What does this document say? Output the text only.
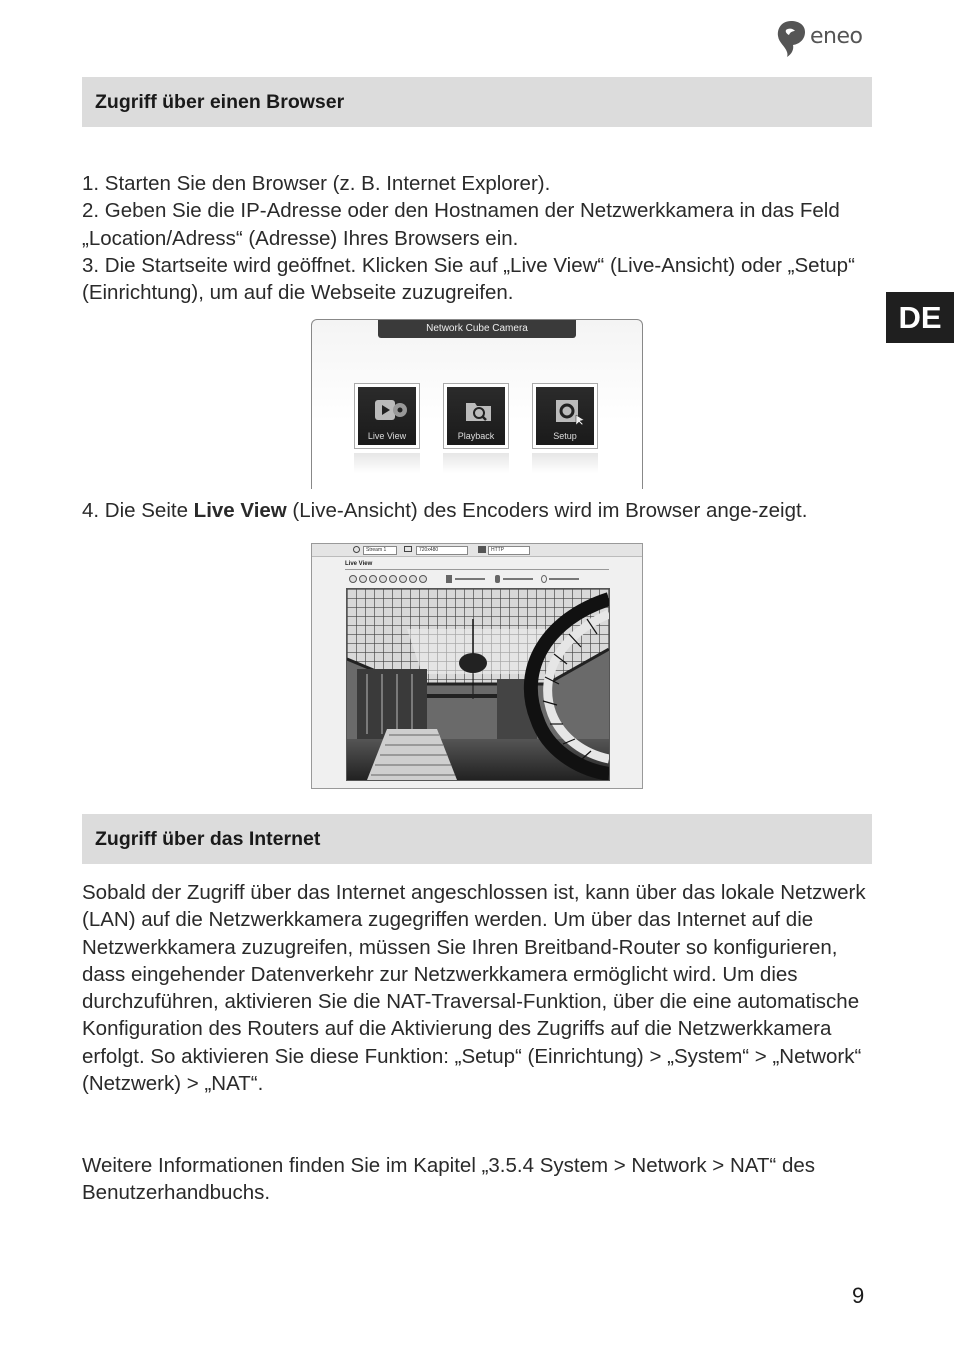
eneo
DE
Zugriff über einen Browser

1. Starten Sie den Browser (z. B. Internet Explorer).

2. Geben Sie die IP-Adresse oder den Hostnamen der Netzwerkkamera in das Feld „Location/Adress“ (Adresse) Ihres Browsers ein.

3. Die Startseite wird geöffnet. Klicken Sie auf „Live View“ (Live-Ansicht) oder „Setup“ (Einrichtung), um auf die Webseite zuzugreifen.

Network Cube Camera
Live View	Playback	Setup

4. Die Seite Live View (Live-Ansicht) des Encoders wird im Browser ange-zeigt.

Stream 1	720x480	HTTP
Live View
Zugriff über das Internet

Sobald der Zugriff über das Internet angeschlossen ist, kann über das lokale Netzwerk (LAN) auf die Netzwerkkamera zugegriffen werden. Um über das Internet auf die Netzwerkkamera zuzugreifen, müssen Sie Ihren Breitband-Router so konfigurieren, dass eingehender Datenverkehr zur Netzwerkkamera ermöglicht wird. Um dies durchzuführen, aktivieren Sie die NAT-Traversal-Funktion, über die eine automatische Konfiguration des Routers auf die Aktivierung des Zugriffs auf die Netzwerkkamera erfolgt. So aktivieren Sie diese Funktion: „Setup“ (Einrichtung) > „System“ > „Network“ (Netzwerk) > „NAT“.

Weitere Informationen finden Sie im Kapitel „3.5.4 System > Network > NAT“ des Benutzerhandbuchs.

9
